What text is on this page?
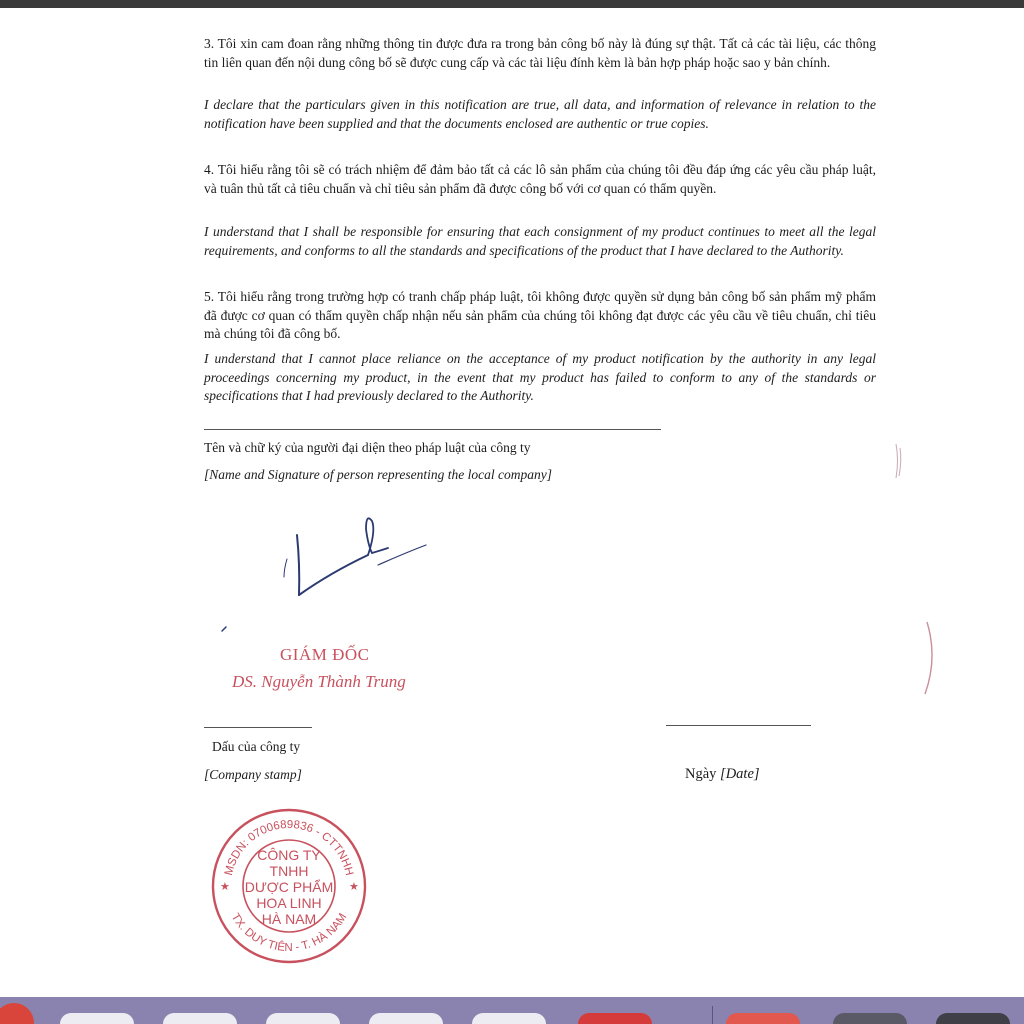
3. Tôi xin cam đoan rằng những thông tin được đưa ra trong bản công bố này là đúng sự thật. Tất cả các tài liệu, các thông tin liên quan đến nội dung công bố sẽ được cung cấp và các tài liệu đính kèm là bản hợp pháp hoặc sao y bản chính.
I declare that the particulars given in this notification are true, all data, and information of relevance in relation to the notification have been supplied and that the documents enclosed are authentic or true copies.
4. Tôi hiểu rằng tôi sẽ có trách nhiệm để đảm bảo tất cả các lô sản phẩm của chúng tôi đều đáp ứng các yêu cầu pháp luật, và tuân thủ tất cả tiêu chuẩn và chỉ tiêu sản phẩm đã được công bố với cơ quan có thẩm quyền.
I understand that I shall be responsible for ensuring that each consignment of my product continues to meet all the legal requirements, and conforms to all the standards and specifications of the product that I have declared to the Authority.
5. Tôi hiểu rằng trong trường hợp có tranh chấp pháp luật, tôi không được quyền sử dụng bản công bố sản phẩm mỹ phẩm đã được cơ quan có thẩm quyền chấp nhận nếu sản phẩm của chúng tôi không đạt được các yêu cầu về tiêu chuẩn, chỉ tiêu mà chúng tôi đã công bố.
I understand that I cannot place reliance on the acceptance of my product notification by the authority in any legal proceedings concerning my product, in the event that my product has failed to conform to any of the standards or specifications that I had previously declared to the Authority.
Tên và chữ ký của người đại diện theo pháp luật của công ty
[Name and Signature of person representing the local company]
GIÁM ĐỐC
DS. Nguyễn Thành Trung
Dấu của công ty
[Company stamp]	Ngày [Date]
MSDN: 0700689836 - CTTNHH
TX. DUY TIÊN - T. HÀ NAM
★	★
CÔNG TY
TNHH
DƯỢC PHẨM
HOA LINH
HÀ NAM
